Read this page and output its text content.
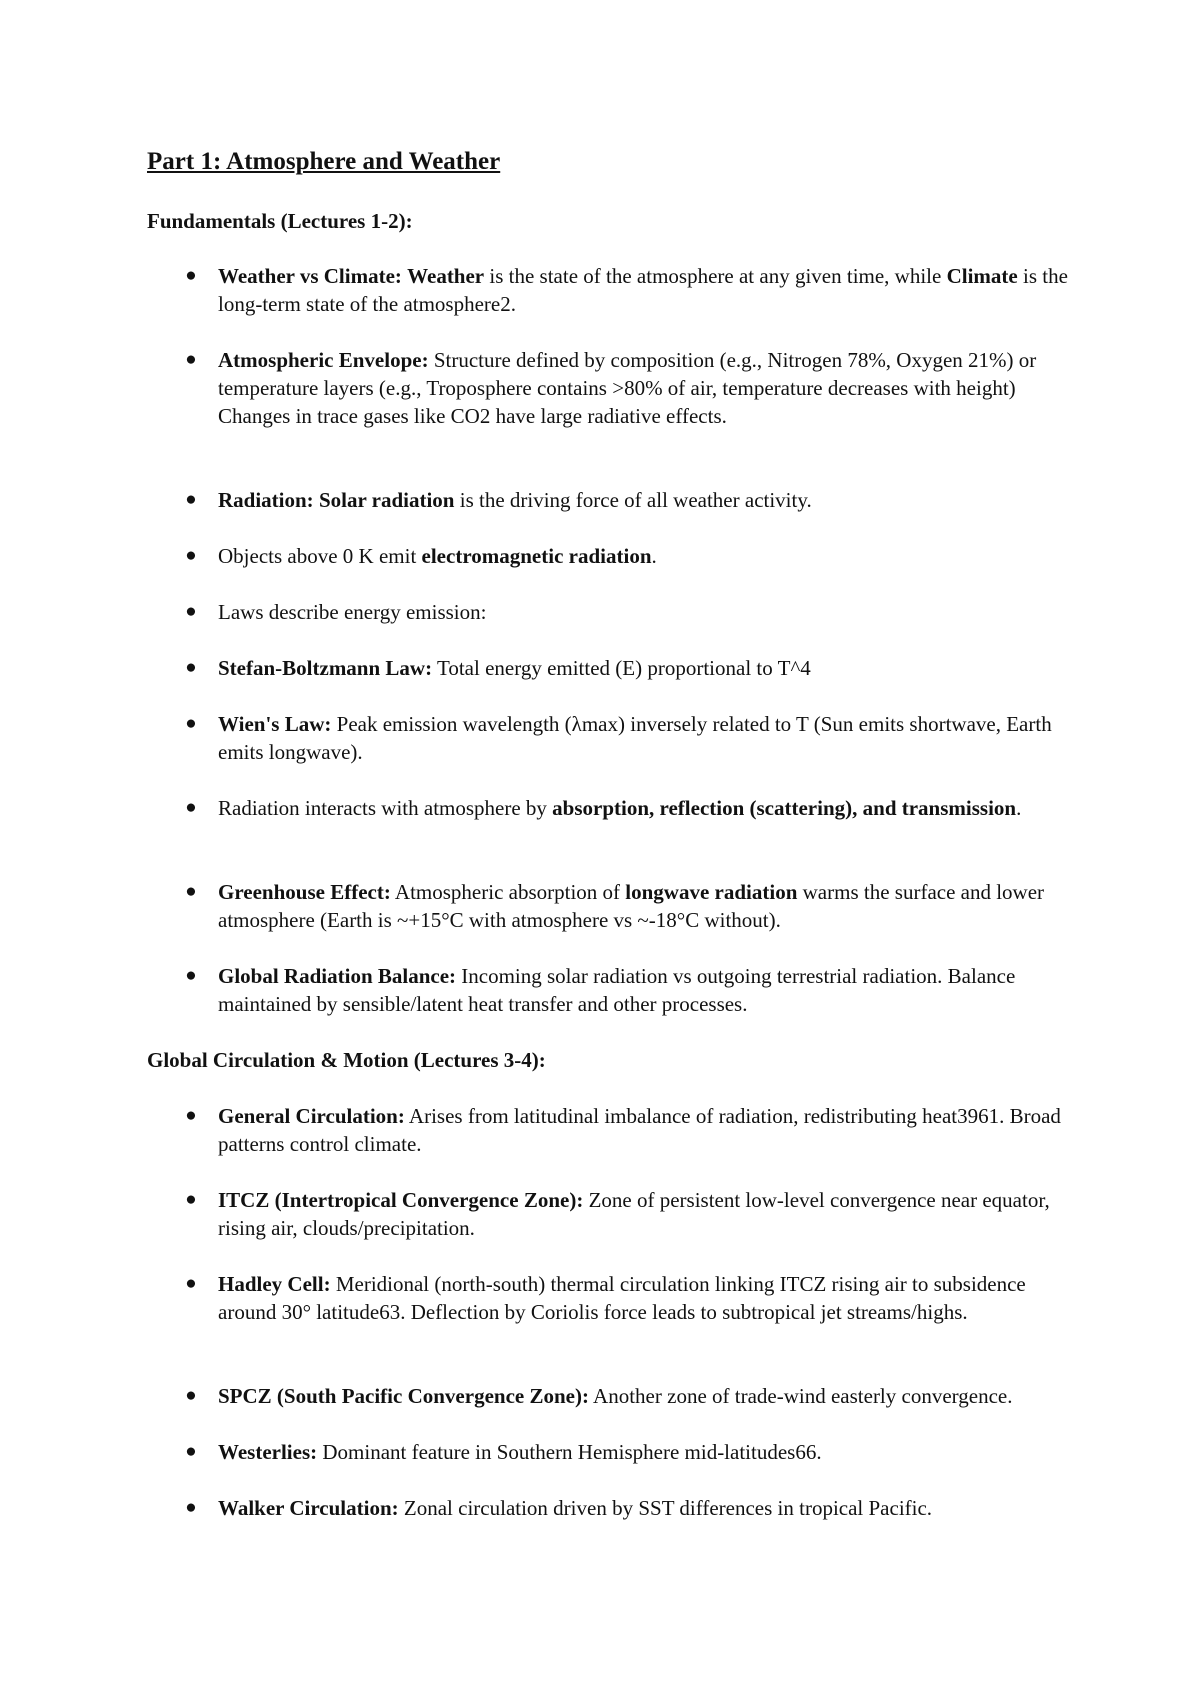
Part 1: Atmosphere and Weather
Fundamentals (Lectures 1-2):
● Weather vs Climate: Weather is the state of the atmosphere at any given time, while Climate is the long-term state of the atmosphere2.
● Atmospheric Envelope: Structure defined by composition (e.g., Nitrogen 78%, Oxygen 21%) or temperature layers (e.g., Troposphere contains >80% of air, temperature decreases with height) Changes in trace gases like CO2 have large radiative effects.
● Radiation: Solar radiation is the driving force of all weather activity.
● Objects above 0 K emit electromagnetic radiation.
● Laws describe energy emission:
● Stefan-Boltzmann Law: Total energy emitted (E) proportional to T^4
● Wien's Law: Peak emission wavelength (λmax) inversely related to T (Sun emits shortwave, Earth emits longwave).
● Radiation interacts with atmosphere by absorption, reflection (scattering), and transmission.
● Greenhouse Effect: Atmospheric absorption of longwave radiation warms the surface and lower atmosphere (Earth is ~+15°C with atmosphere vs ~-18°C without).
● Global Radiation Balance: Incoming solar radiation vs outgoing terrestrial radiation. Balance maintained by sensible/latent heat transfer and other processes.
Global Circulation & Motion (Lectures 3-4):
● General Circulation: Arises from latitudinal imbalance of radiation, redistributing heat3961. Broad patterns control climate.
● ITCZ (Intertropical Convergence Zone): Zone of persistent low-level convergence near equator, rising air, clouds/precipitation.
● Hadley Cell: Meridional (north-south) thermal circulation linking ITCZ rising air to subsidence around 30° latitude63. Deflection by Coriolis force leads to subtropical jet streams/highs.
● SPCZ (South Pacific Convergence Zone): Another zone of trade-wind easterly convergence.
● Westerlies: Dominant feature in Southern Hemisphere mid-latitudes66.
● Walker Circulation: Zonal circulation driven by SST differences in tropical Pacific.
